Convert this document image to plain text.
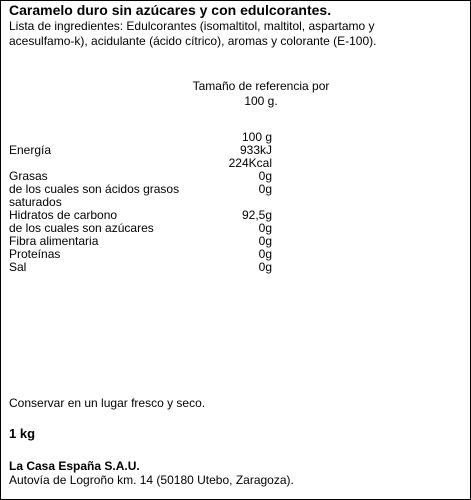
Caramelo duro sin azúcares y con edulcorantes.
Lista de ingredientes: Edulcorantes (isomaltitol, maltitol, aspartamo y
acesulfamo-k), acidulante (ácido cítrico), aromas y colorante (E-100).
Tamaño de referencia por
100 g.
100 g
Energía	933kJ
224Kcal
Grasas	0g
de los cuales son ácidos grasos	0g
saturados
Hidratos de carbono	92,5g
de los cuales son azúcares	0g
Fibra alimentaria	0g
Proteínas	0g
Sal	0g
Conservar en un lugar fresco y seco.
1 kg
La Casa España S.A.U.
Autovía de Logroño km. 14 (50180 Utebo, Zaragoza).
